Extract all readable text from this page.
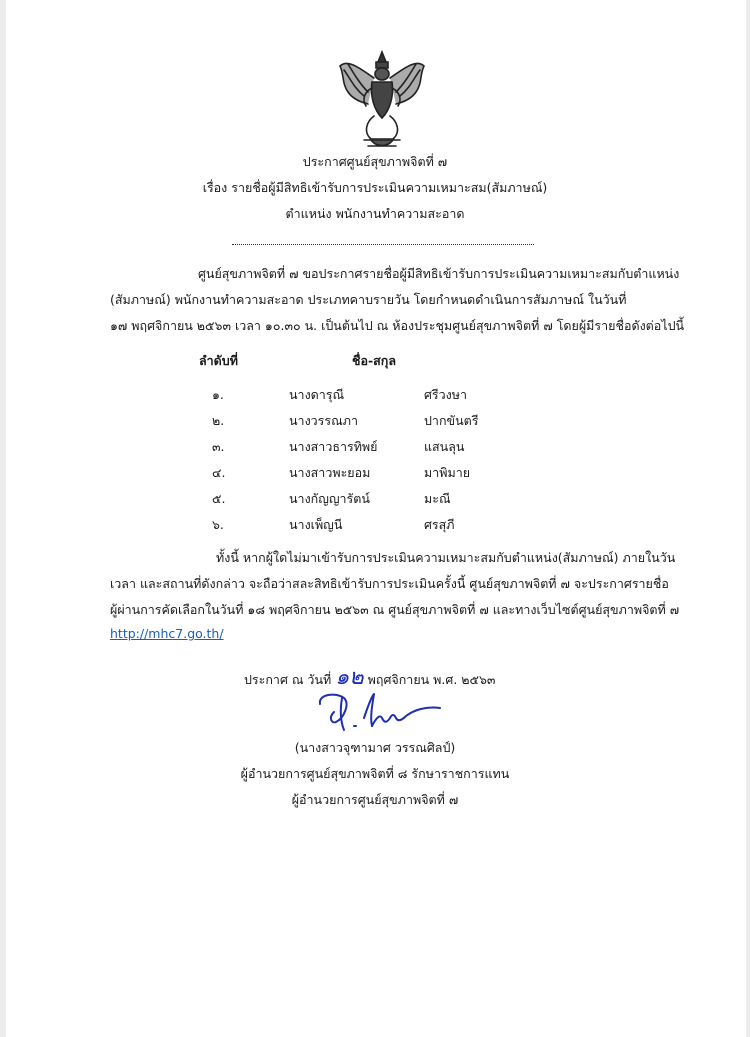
ประกาศศูนย์สุขภาพจิตที่ ๗
เรื่อง รายชื่อผู้มีสิทธิเข้ารับการประเมินความเหมาะสม(สัมภาษณ์)
ตำแหน่ง พนักงานทำความสะอาด
ศูนย์สุขภาพจิตที่ ๗ ขอประกาศรายชื่อผู้มีสิทธิเข้ารับการประเมินความเหมาะสมกับตำแหน่ง
(สัมภาษณ์) พนักงานทำความสะอาด ประเภทคาบรายวัน โดยกำหนดดำเนินการสัมภาษณ์ ในวันที่
๑๗ พฤศจิกายน ๒๕๖๓ เวลา ๑๐.๓๐ น. เป็นต้นไป ณ ห้องประชุมศูนย์สุขภาพจิตที่ ๗ โดยผู้มีรายชื่อดังต่อไปนี้
ลำดับที่	ชื่อ-สกุล
๑.	นางดารุณี	ศรีวงษา
๒.	นางวรรณภา	ปากขันตรี
๓.	นางสาวธารทิพย์	แสนลุน
๔.	นางสาวพะยอม	มาพิมาย
๕.	นางกัญญารัตน์	มะณี
๖.	นางเพ็ญนี	ศรสุภี
ทั้งนี้ หากผู้ใดไม่มาเข้ารับการประเมินความเหมาะสมกับตำแหน่ง(สัมภาษณ์) ภายในวัน
เวลา และสถานที่ดังกล่าว จะถือว่าสละสิทธิเข้ารับการประเมินครั้งนี้ ศูนย์สุขภาพจิตที่ ๗ จะประกาศรายชื่อ
ผู้ผ่านการคัดเลือกในวันที่ ๑๘ พฤศจิกายน ๒๕๖๓ ณ ศูนย์สุขภาพจิตที่ ๗ และทางเว็บไซต์ศูนย์สุขภาพจิตที่ ๗
http://mhc7.go.th/
ประกาศ ณ วันที่ ๑๒ พฤศจิกายน พ.ศ. ๒๕๖๓
(นางสาวจุฑามาศ วรรณศิลป์)
ผู้อำนวยการศูนย์สุขภาพจิตที่ ๘ รักษาราชการแทน
ผู้อำนวยการศูนย์สุขภาพจิตที่ ๗
